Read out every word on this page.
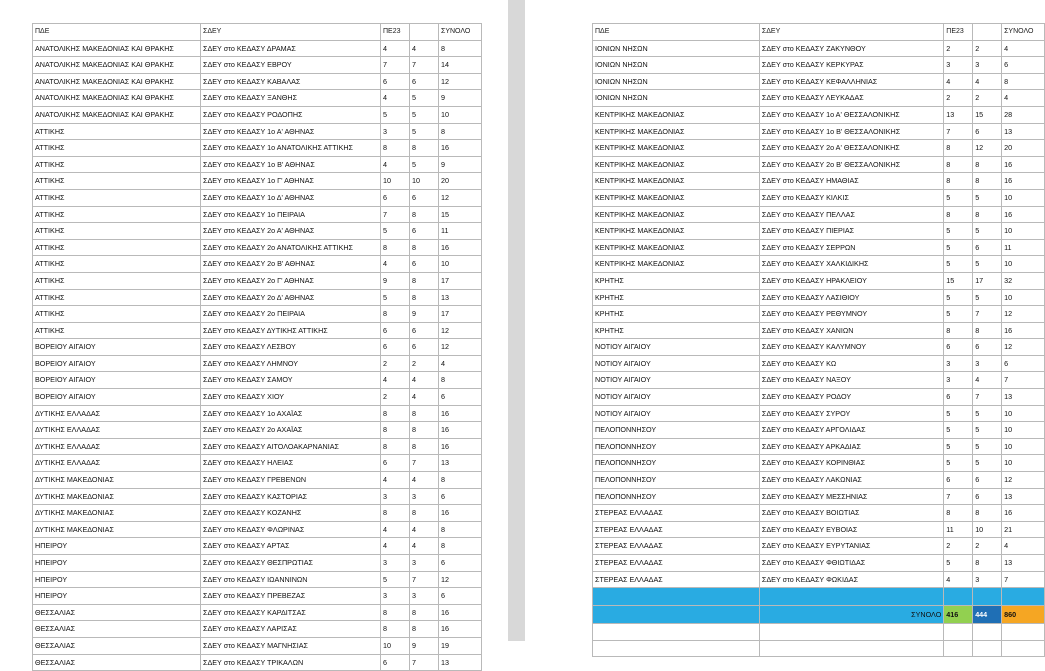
ΠΔΕ	ΣΔΕΥ	ΠΕ23	ΠΕ30	ΣΥΝΟΛΟ
ΑΝΑΤΟΛΙΚΗΣ ΜΑΚΕΔΟΝΙΑΣ ΚΑΙ ΘΡΑΚΗΣ	ΣΔΕΥ στο ΚΕΔΑΣΥ ΔΡΑΜΑΣ	4	4	8
ΑΝΑΤΟΛΙΚΗΣ ΜΑΚΕΔΟΝΙΑΣ ΚΑΙ ΘΡΑΚΗΣ	ΣΔΕΥ στο ΚΕΔΑΣΥ ΕΒΡΟΥ	7	7	14
ΑΝΑΤΟΛΙΚΗΣ ΜΑΚΕΔΟΝΙΑΣ ΚΑΙ ΘΡΑΚΗΣ	ΣΔΕΥ στο ΚΕΔΑΣΥ ΚΑΒΑΛΑΣ	6	6	12
ΑΝΑΤΟΛΙΚΗΣ ΜΑΚΕΔΟΝΙΑΣ ΚΑΙ ΘΡΑΚΗΣ	ΣΔΕΥ στο ΚΕΔΑΣΥ ΞΑΝΘΗΣ	4	5	9
ΑΝΑΤΟΛΙΚΗΣ ΜΑΚΕΔΟΝΙΑΣ ΚΑΙ ΘΡΑΚΗΣ	ΣΔΕΥ στο ΚΕΔΑΣΥ ΡΟΔΟΠΗΣ	5	5	10
ΑΤΤΙΚΗΣ	ΣΔΕΥ στο ΚΕΔΑΣΥ 1ο Α' ΑΘΗΝΑΣ	3	5	8
ΑΤΤΙΚΗΣ	ΣΔΕΥ στο ΚΕΔΑΣΥ 1ο ΑΝΑΤΟΛΙΚΗΣ ΑΤΤΙΚΗΣ	8	8	16
ΑΤΤΙΚΗΣ	ΣΔΕΥ στο ΚΕΔΑΣΥ 1ο Β' ΑΘΗΝΑΣ	4	5	9
ΑΤΤΙΚΗΣ	ΣΔΕΥ στο ΚΕΔΑΣΥ 1ο Γ' ΑΘΗΝΑΣ	10	10	20
ΑΤΤΙΚΗΣ	ΣΔΕΥ στο ΚΕΔΑΣΥ 1ο Δ' ΑΘΗΝΑΣ	6	6	12
ΑΤΤΙΚΗΣ	ΣΔΕΥ στο ΚΕΔΑΣΥ 1ο ΠΕΙΡΑΙΑ	7	8	15
ΑΤΤΙΚΗΣ	ΣΔΕΥ στο ΚΕΔΑΣΥ 2ο Α' ΑΘΗΝΑΣ	5	6	11
ΑΤΤΙΚΗΣ	ΣΔΕΥ στο ΚΕΔΑΣΥ 2ο ΑΝΑΤΟΛΙΚΗΣ ΑΤΤΙΚΗΣ	8	8	16
ΑΤΤΙΚΗΣ	ΣΔΕΥ στο ΚΕΔΑΣΥ 2ο Β' ΑΘΗΝΑΣ	4	6	10
ΑΤΤΙΚΗΣ	ΣΔΕΥ στο ΚΕΔΑΣΥ 2ο Γ' ΑΘΗΝΑΣ	9	8	17
ΑΤΤΙΚΗΣ	ΣΔΕΥ στο ΚΕΔΑΣΥ 2ο Δ' ΑΘΗΝΑΣ	5	8	13
ΑΤΤΙΚΗΣ	ΣΔΕΥ στο ΚΕΔΑΣΥ 2ο ΠΕΙΡΑΙΑ	8	9	17
ΑΤΤΙΚΗΣ	ΣΔΕΥ στο ΚΕΔΑΣΥ ΔΥΤΙΚΗΣ ΑΤΤΙΚΗΣ	6	6	12
ΒΟΡΕΙΟΥ ΑΙΓΑΙΟΥ	ΣΔΕΥ στο ΚΕΔΑΣΥ ΛΕΣΒΟΥ	6	6	12
ΒΟΡΕΙΟΥ ΑΙΓΑΙΟΥ	ΣΔΕΥ στο ΚΕΔΑΣΥ ΛΗΜΝΟΥ	2	2	4
ΒΟΡΕΙΟΥ ΑΙΓΑΙΟΥ	ΣΔΕΥ στο ΚΕΔΑΣΥ ΣΑΜΟΥ	4	4	8
ΒΟΡΕΙΟΥ ΑΙΓΑΙΟΥ	ΣΔΕΥ στο ΚΕΔΑΣΥ ΧΙΟΥ	2	4	6
ΔΥΤΙΚΗΣ ΕΛΛΑΔΑΣ	ΣΔΕΥ στο ΚΕΔΑΣΥ 1ο ΑΧΑΪΑΣ	8	8	16
ΔΥΤΙΚΗΣ ΕΛΛΑΔΑΣ	ΣΔΕΥ στο ΚΕΔΑΣΥ 2ο ΑΧΑΪΑΣ	8	8	16
ΔΥΤΙΚΗΣ ΕΛΛΑΔΑΣ	ΣΔΕΥ στο ΚΕΔΑΣΥ ΑΙΤΟΛΟΑΚΑΡΝΑΝΙΑΣ	8	8	16
ΔΥΤΙΚΗΣ ΕΛΛΑΔΑΣ	ΣΔΕΥ στο ΚΕΔΑΣΥ ΗΛΕΙΑΣ	6	7	13
ΔΥΤΙΚΗΣ ΜΑΚΕΔΟΝΙΑΣ	ΣΔΕΥ στο ΚΕΔΑΣΥ ΓΡΕΒΕΝΩΝ	4	4	8
ΔΥΤΙΚΗΣ ΜΑΚΕΔΟΝΙΑΣ	ΣΔΕΥ στο ΚΕΔΑΣΥ ΚΑΣΤΟΡΙΑΣ	3	3	6
ΔΥΤΙΚΗΣ ΜΑΚΕΔΟΝΙΑΣ	ΣΔΕΥ στο ΚΕΔΑΣΥ ΚΟΖΑΝΗΣ	8	8	16
ΔΥΤΙΚΗΣ ΜΑΚΕΔΟΝΙΑΣ	ΣΔΕΥ στο ΚΕΔΑΣΥ ΦΛΩΡΙΝΑΣ	4	4	8
ΗΠΕΙΡΟΥ	ΣΔΕΥ στο ΚΕΔΑΣΥ ΑΡΤΑΣ	4	4	8
ΗΠΕΙΡΟΥ	ΣΔΕΥ στο ΚΕΔΑΣΥ ΘΕΣΠΡΩΤΙΑΣ	3	3	6
ΗΠΕΙΡΟΥ	ΣΔΕΥ στο ΚΕΔΑΣΥ ΙΩΑΝΝΙΝΩΝ	5	7	12
ΗΠΕΙΡΟΥ	ΣΔΕΥ στο ΚΕΔΑΣΥ ΠΡΕΒΕΖΑΣ	3	3	6
ΘΕΣΣΑΛΙΑΣ	ΣΔΕΥ στο ΚΕΔΑΣΥ ΚΑΡΔΙΤΣΑΣ	8	8	16
ΘΕΣΣΑΛΙΑΣ	ΣΔΕΥ στο ΚΕΔΑΣΥ ΛΑΡΙΣΑΣ	8	8	16
ΘΕΣΣΑΛΙΑΣ	ΣΔΕΥ στο ΚΕΔΑΣΥ ΜΑΓΝΗΣΙΑΣ	10	9	19
ΘΕΣΣΑΛΙΑΣ	ΣΔΕΥ στο ΚΕΔΑΣΥ ΤΡΙΚΑΛΩΝ	6	7	13
ΠΔΕ	ΣΔΕΥ	ΠΕ23	ΠΕ30	ΣΥΝΟΛΟ
ΙΟΝΙΩΝ ΝΗΣΩΝ	ΣΔΕΥ στο ΚΕΔΑΣΥ ΖΑΚΥΝΘΟΥ	2	2	4
ΙΟΝΙΩΝ ΝΗΣΩΝ	ΣΔΕΥ στο ΚΕΔΑΣΥ ΚΕΡΚΥΡΑΣ	3	3	6
ΙΟΝΙΩΝ ΝΗΣΩΝ	ΣΔΕΥ στο ΚΕΔΑΣΥ ΚΕΦΑΛΛΗΝΙΑΣ	4	4	8
ΙΟΝΙΩΝ ΝΗΣΩΝ	ΣΔΕΥ στο ΚΕΔΑΣΥ ΛΕΥΚΑΔΑΣ	2	2	4
ΚΕΝΤΡΙΚΗΣ ΜΑΚΕΔΟΝΙΑΣ	ΣΔΕΥ στο ΚΕΔΑΣΥ 1ο Α' ΘΕΣΣΑΛΟΝΙΚΗΣ	13	15	28
ΚΕΝΤΡΙΚΗΣ ΜΑΚΕΔΟΝΙΑΣ	ΣΔΕΥ στο ΚΕΔΑΣΥ 1ο Β' ΘΕΣΣΑΛΟΝΙΚΗΣ	7	6	13
ΚΕΝΤΡΙΚΗΣ ΜΑΚΕΔΟΝΙΑΣ	ΣΔΕΥ στο ΚΕΔΑΣΥ 2ο Α' ΘΕΣΣΑΛΟΝΙΚΗΣ	8	12	20
ΚΕΝΤΡΙΚΗΣ ΜΑΚΕΔΟΝΙΑΣ	ΣΔΕΥ στο ΚΕΔΑΣΥ 2ο Β' ΘΕΣΣΑΛΟΝΙΚΗΣ	8	8	16
ΚΕΝΤΡΙΚΗΣ ΜΑΚΕΔΟΝΙΑΣ	ΣΔΕΥ στο ΚΕΔΑΣΥ ΗΜΑΘΙΑΣ	8	8	16
ΚΕΝΤΡΙΚΗΣ ΜΑΚΕΔΟΝΙΑΣ	ΣΔΕΥ στο ΚΕΔΑΣΥ ΚΙΛΚΙΣ	5	5	10
ΚΕΝΤΡΙΚΗΣ ΜΑΚΕΔΟΝΙΑΣ	ΣΔΕΥ στο ΚΕΔΑΣΥ ΠΕΛΛΑΣ	8	8	16
ΚΕΝΤΡΙΚΗΣ ΜΑΚΕΔΟΝΙΑΣ	ΣΔΕΥ στο ΚΕΔΑΣΥ ΠΙΕΡΙΑΣ	5	5	10
ΚΕΝΤΡΙΚΗΣ ΜΑΚΕΔΟΝΙΑΣ	ΣΔΕΥ στο ΚΕΔΑΣΥ ΣΕΡΡΩΝ	5	6	11
ΚΕΝΤΡΙΚΗΣ ΜΑΚΕΔΟΝΙΑΣ	ΣΔΕΥ στο ΚΕΔΑΣΥ ΧΑΛΚΙΔΙΚΗΣ	5	5	10
ΚΡΗΤΗΣ	ΣΔΕΥ στο ΚΕΔΑΣΥ ΗΡΑΚΛΕΙΟΥ	15	17	32
ΚΡΗΤΗΣ	ΣΔΕΥ στο ΚΕΔΑΣΥ ΛΑΣΙΘΙΟΥ	5	5	10
ΚΡΗΤΗΣ	ΣΔΕΥ στο ΚΕΔΑΣΥ ΡΕΘΥΜΝΟΥ	5	7	12
ΚΡΗΤΗΣ	ΣΔΕΥ στο ΚΕΔΑΣΥ ΧΑΝΙΩΝ	8	8	16
ΝΟΤΙΟΥ ΑΙΓΑΙΟΥ	ΣΔΕΥ στο ΚΕΔΑΣΥ ΚΑΛΥΜΝΟΥ	6	6	12
ΝΟΤΙΟΥ ΑΙΓΑΙΟΥ	ΣΔΕΥ στο ΚΕΔΑΣΥ ΚΩ	3	3	6
ΝΟΤΙΟΥ ΑΙΓΑΙΟΥ	ΣΔΕΥ στο ΚΕΔΑΣΥ ΝΑΞΟΥ	3	4	7
ΝΟΤΙΟΥ ΑΙΓΑΙΟΥ	ΣΔΕΥ στο ΚΕΔΑΣΥ ΡΟΔΟΥ	6	7	13
ΝΟΤΙΟΥ ΑΙΓΑΙΟΥ	ΣΔΕΥ στο ΚΕΔΑΣΥ ΣΥΡΟΥ	5	5	10
ΠΕΛΟΠΟΝΝΗΣΟΥ	ΣΔΕΥ στο ΚΕΔΑΣΥ ΑΡΓΟΛΙΔΑΣ	5	5	10
ΠΕΛΟΠΟΝΝΗΣΟΥ	ΣΔΕΥ στο ΚΕΔΑΣΥ ΑΡΚΑΔΙΑΣ	5	5	10
ΠΕΛΟΠΟΝΝΗΣΟΥ	ΣΔΕΥ στο ΚΕΔΑΣΥ ΚΟΡΙΝΘΙΑΣ	5	5	10
ΠΕΛΟΠΟΝΝΗΣΟΥ	ΣΔΕΥ στο ΚΕΔΑΣΥ ΛΑΚΩΝΙΑΣ	6	6	12
ΠΕΛΟΠΟΝΝΗΣΟΥ	ΣΔΕΥ στο ΚΕΔΑΣΥ ΜΕΣΣΗΝΙΑΣ	7	6	13
ΣΤΕΡΕΑΣ ΕΛΛΑΔΑΣ	ΣΔΕΥ στο ΚΕΔΑΣΥ ΒΟΙΩΤΙΑΣ	8	8	16
ΣΤΕΡΕΑΣ ΕΛΛΑΔΑΣ	ΣΔΕΥ στο ΚΕΔΑΣΥ ΕΥΒΟΙΑΣ	11	10	21
ΣΤΕΡΕΑΣ ΕΛΛΑΔΑΣ	ΣΔΕΥ στο ΚΕΔΑΣΥ ΕΥΡΥΤΑΝΙΑΣ	2	2	4
ΣΤΕΡΕΑΣ ΕΛΛΑΔΑΣ	ΣΔΕΥ στο ΚΕΔΑΣΥ ΦΘΙΩΤΙΔΑΣ	5	8	13
ΣΤΕΡΕΑΣ ΕΛΛΑΔΑΣ	ΣΔΕΥ στο ΚΕΔΑΣΥ ΦΩΚΙΔΑΣ	4	3	7

	ΣΥΝΟΛΟ	416	444	860
